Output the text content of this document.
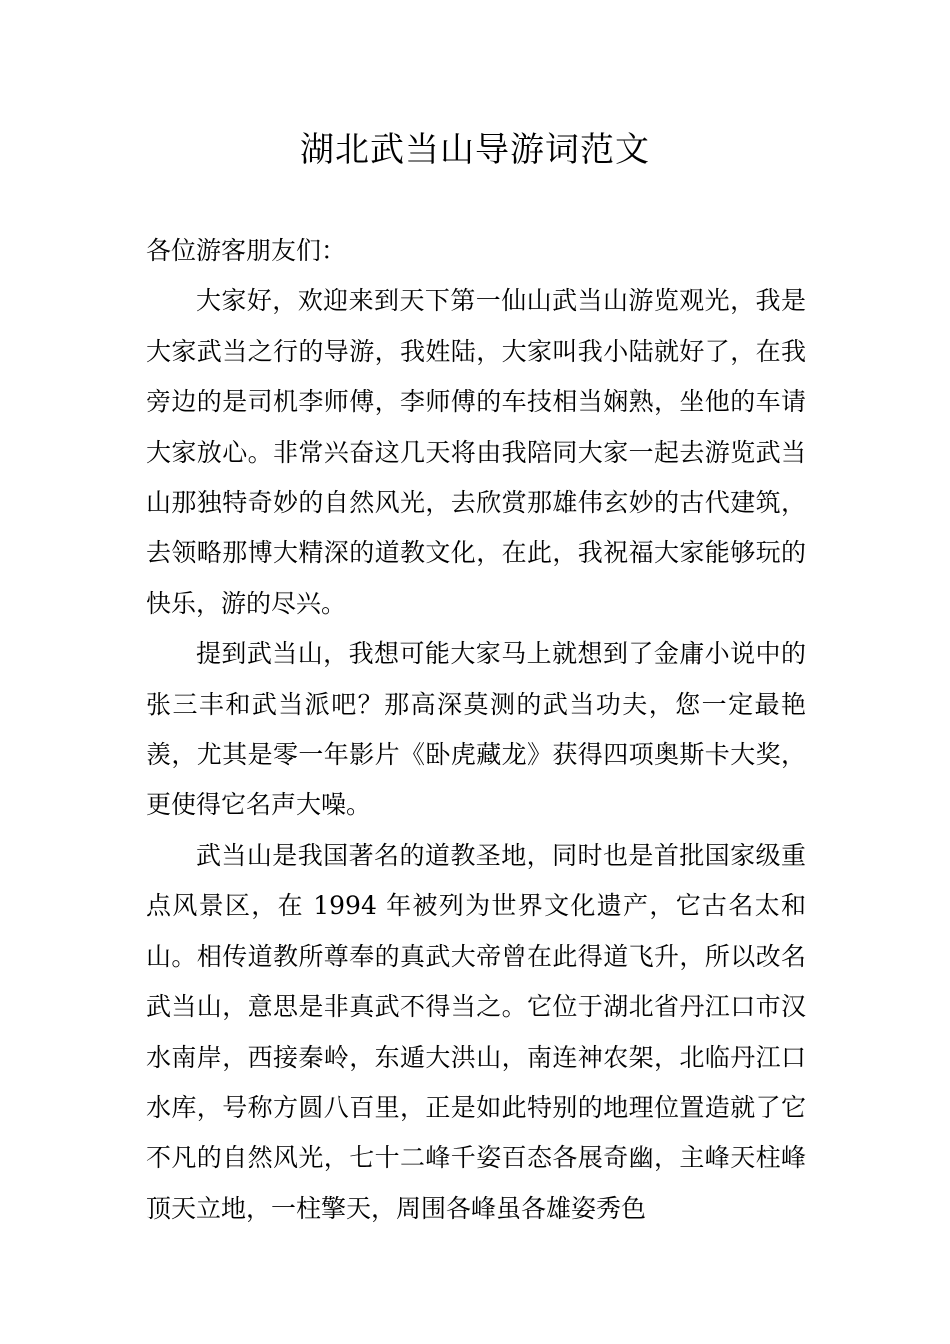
湖北武当山导游词范文

各位游客朋友们：

大家好，欢迎来到天下第一仙山武当山游览观光，我是大家武当之行的导游，我姓陆，大家叫我小陆就好了，在我旁边的是司机李师傅，李师傅的车技相当娴熟，坐他的车请大家放心。非常兴奋这几天将由我陪同大家一起去游览武当山那独特奇妙的自然风光，去欣赏那雄伟玄妙的古代建筑，去领略那博大精深的道教文化，在此，我祝福大家能够玩的快乐，游的尽兴。

提到武当山，我想可能大家马上就想到了金庸小说中的张三丰和武当派吧？那高深莫测的武当功夫，您一定最艳羡，尤其是零一年影片《卧虎藏龙》获得四项奥斯卡大奖，更使得它名声大噪。

武当山是我国著名的道教圣地，同时也是首批国家级重点风景区，在 1994 年被列为世界文化遗产，它古名太和山。相传道教所尊奉的真武大帝曾在此得道飞升，所以改名武当山，意思是非真武不得当之。它位于湖北省丹江口市汉水南岸，西接秦岭，东遁大洪山，南连神农架，北临丹江口水库，号称方圆八百里，正是如此特别的地理位置造就了它不凡的自然风光，七十二峰千姿百态各展奇幽，主峰天柱峰顶天立地，一柱擎天，周围各峰虽各雄姿秀色
